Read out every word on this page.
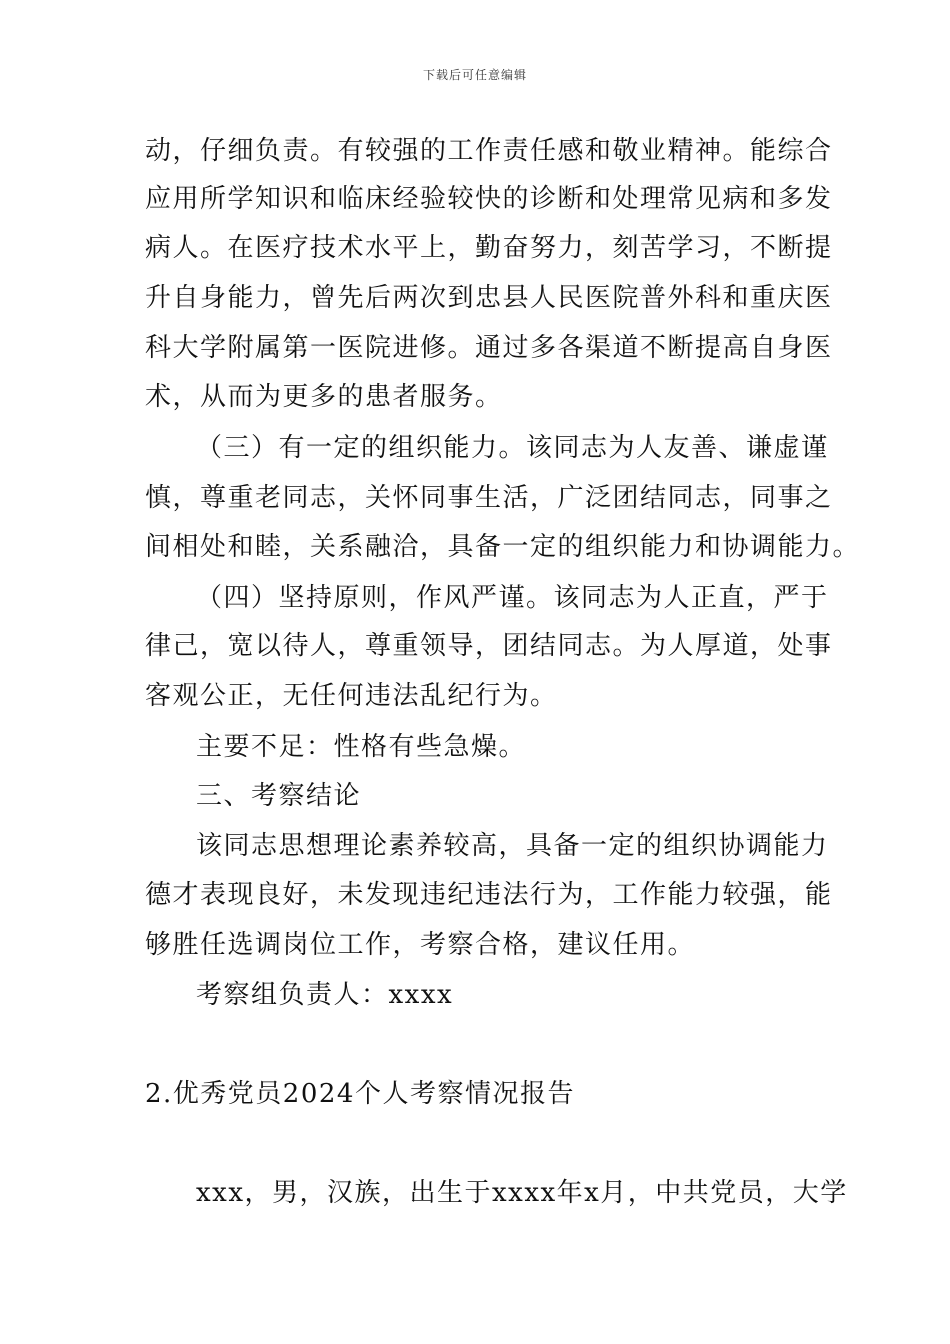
下载后可任意编辑
动，仔细负责。有较强的工作责任感和敬业精神。能综合
应用所学知识和临床经验较快的诊断和处理常见病和多发
病人。在医疗技术水平上，勤奋努力，刻苦学习，不断提
升自身能力，曾先后两次到忠县人民医院普外科和重庆医
科大学附属第一医院进修。通过多各渠道不断提高自身医
术，从而为更多的患者服务。
（三）有一定的组织能力。该同志为人友善、谦虚谨
慎，尊重老同志，关怀同事生活，广泛团结同志，同事之
间相处和睦，关系融洽，具备一定的组织能力和协调能力。
（四）坚持原则，作风严谨。该同志为人正直，严于
律己，宽以待人，尊重领导，团结同志。为人厚道，处事
客观公正，无任何违法乱纪行为。
主要不足：性格有些急燥。
三、考察结论
该同志思想理论素养较高，具备一定的组织协调能力
德才表现良好，未发现违纪违法行为，工作能力较强，能
够胜任选调岗位工作，考察合格，建议任用。
考察组负责人：xxxx
2.优秀党员2024个人考察情况报告
xxx，男，汉族，出生于xxxx年x月，中共党员，大学
